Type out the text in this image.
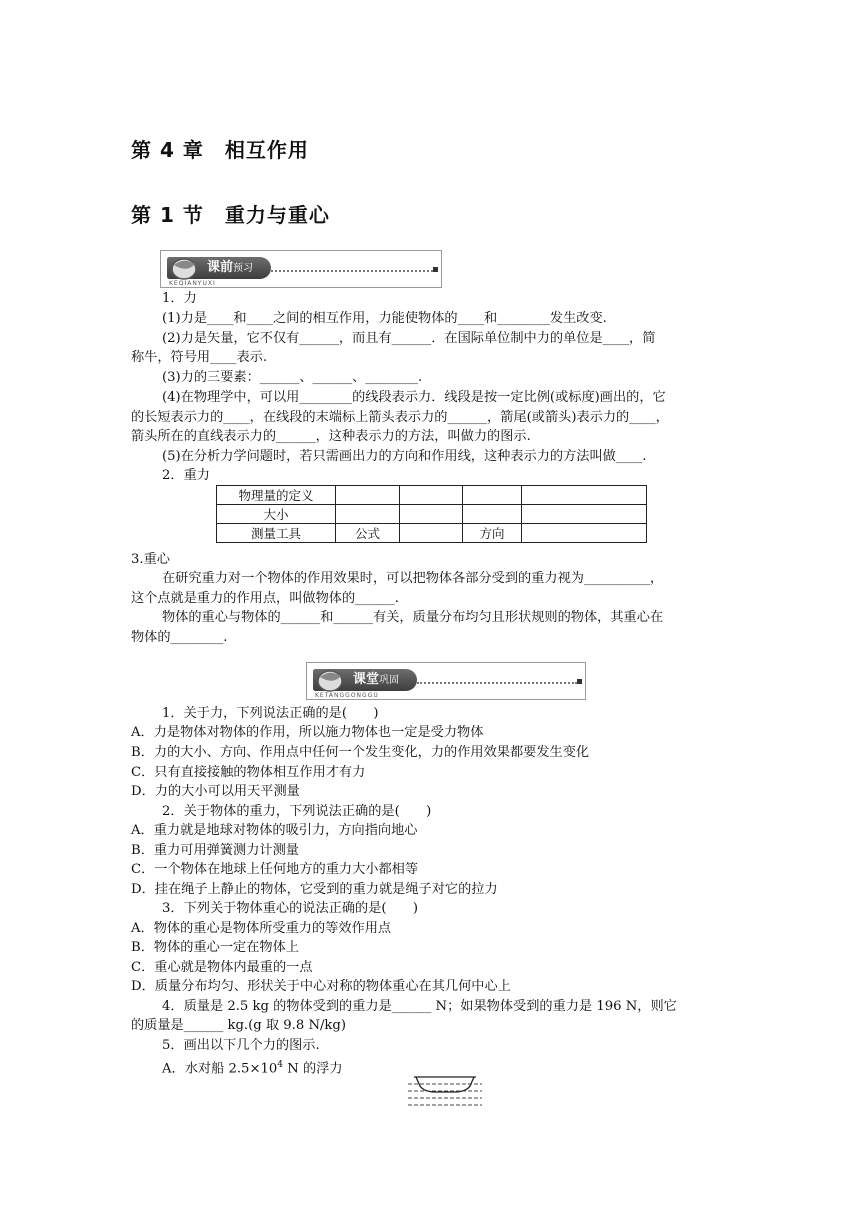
第 4 章　相互作用
第 1 节　重力与重心
课前预习
KEQIANYUXI
1．力
(1)力是____和____之间的相互作用，力能使物体的____和________发生改变.
(2)力是矢量，它不仅有______，而且有______．在国际单位制中力的单位是____，简
称牛，符号用____表示.
(3)力的三要素：______、______、________.
(4)在物理学中，可以用________的线段表示力．线段是按一定比例(或标度)画出的，它
的长短表示力的____，在线段的末端标上箭头表示力的______，箭尾(或箭头)表示力的____，
箭头所在的直线表示力的______，这种表示力的方法，叫做力的图示.
(5)在分析力学问题时，若只需画出力的方向和作用线，这种表示力的方法叫做____.
2．重力
物理量的定义				
大小				
测量工具	公式		方向	
3.重心
在研究重力对一个物体的作用效果时，可以把物体各部分受到的重力视为__________，
这个点就是重力的作用点，叫做物体的______.
物体的重心与物体的______和______有关，质量分布均匀且形状规则的物体，其重心在
物体的________.
课堂巩固
KETANGGONGGU
1．关于力，下列说法正确的是(　　)
A．力是物体对物体的作用，所以施力物体也一定是受力物体
B．力的大小、方向、作用点中任何一个发生变化，力的作用效果都要发生变化
C．只有直接接触的物体相互作用才有力
D．力的大小可以用天平测量
2．关于物体的重力，下列说法正确的是(　　)
A．重力就是地球对物体的吸引力，方向指向地心
B．重力可用弹簧测力计测量
C．一个物体在地球上任何地方的重力大小都相等
D．挂在绳子上静止的物体，它受到的重力就是绳子对它的拉力
3．下列关于物体重心的说法正确的是(　　)
A．物体的重心是物体所受重力的等效作用点
B．物体的重心一定在物体上
C．重心就是物体内最重的一点
D．质量分布均匀、形状关于中心对称的物体重心在其几何中心上
4．质量是 2.5 kg 的物体受到的重力是______ N；如果物体受到的重力是 196 N，则它
的质量是______ kg.(g 取 9.8 N/kg)
5．画出以下几个力的图示.
A．水对船 $2.5\times 10^4$ N 的浮力
